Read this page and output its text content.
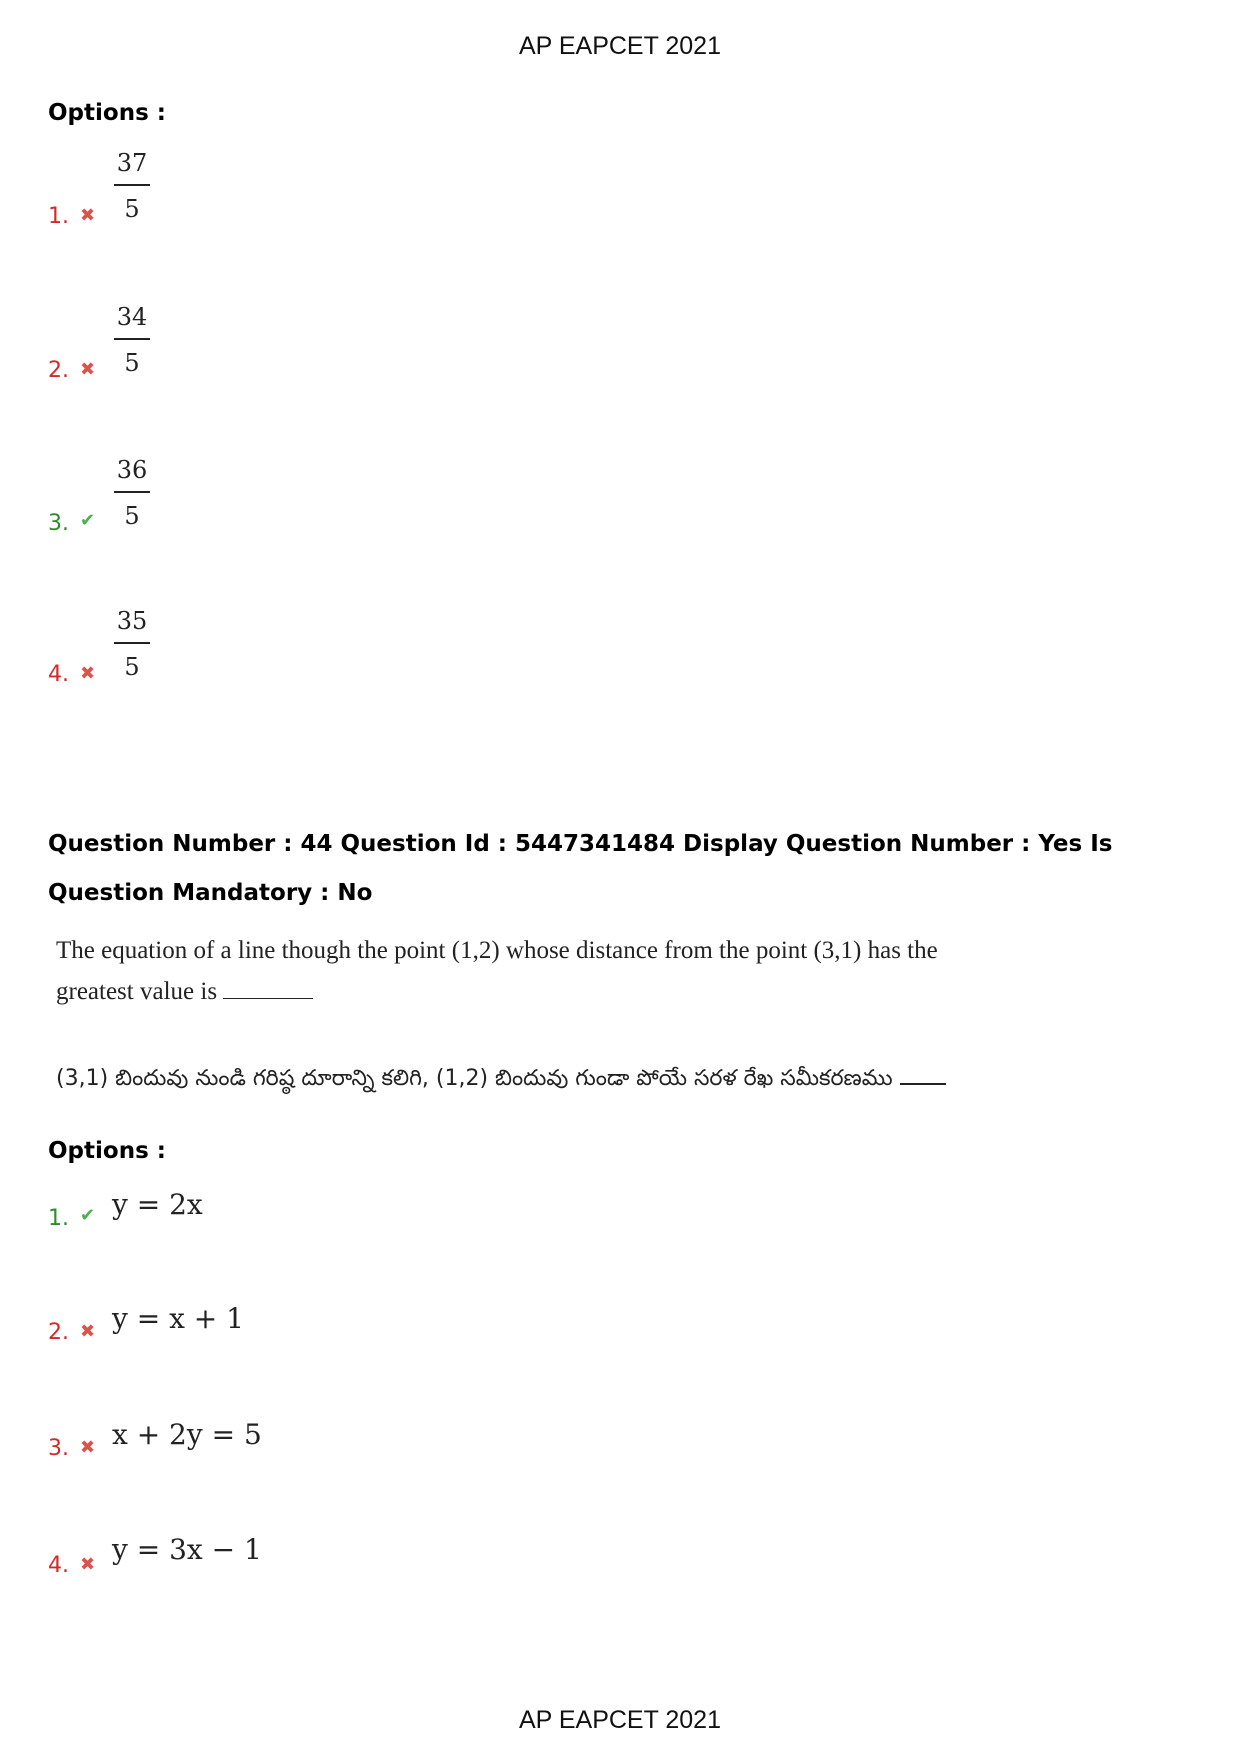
AP EAPCET 2021
Options :
1. ✖
37
5
2. ✖
34
5
3. ✔
36
5
4. ✖
35
5
Question Number : 44 Question Id : 5447341484 Display Question Number : Yes Is Question Mandatory : No
The equation of a line though the point (1,2) whose distance from the point (3,1) has the greatest value is
(3,1) బిందువు నుండి గరిష్ఠ దూరాన్ని కలిగి, (1,2) బిందువు గుండా పోయే సరళ రేఖ సమీకరణము
Options :
1. ✔ y = 2x
2. ✖ y = x + 1
3. ✖ x + 2y = 5
4. ✖ y = 3x − 1
AP EAPCET 2021
